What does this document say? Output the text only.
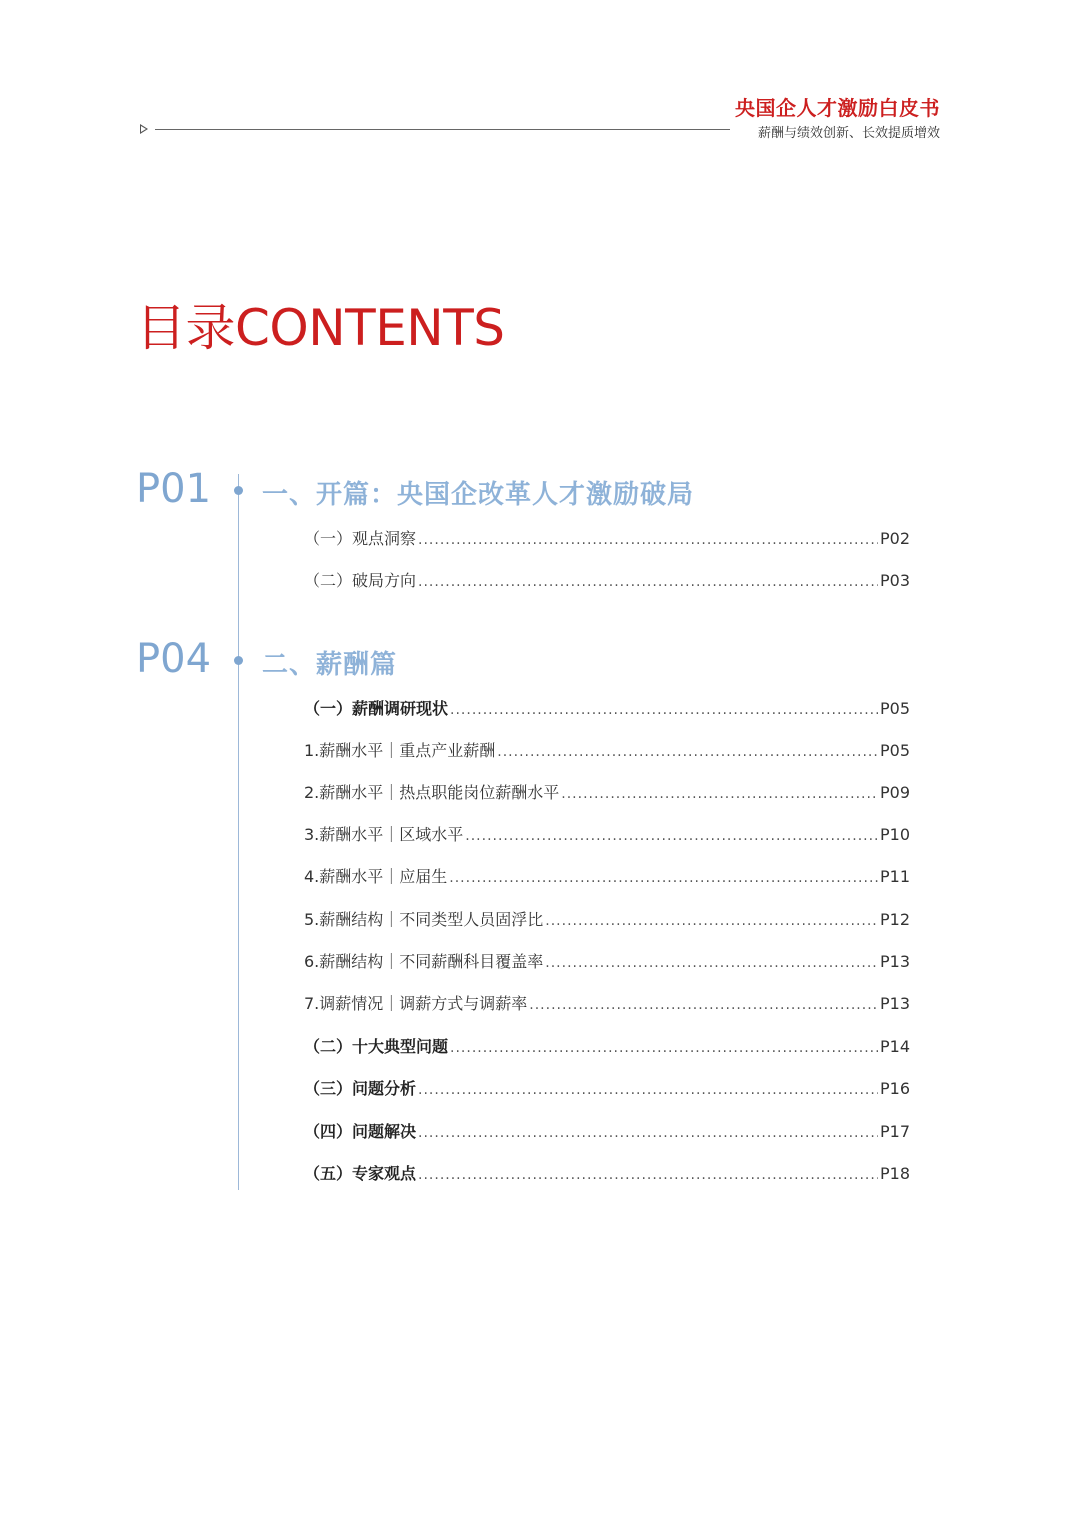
央国企人才激励白皮书
薪酬与绩效创新、长效提质增效
目录CONTENTS
P01 一、开篇：央国企改革人才激励破局
（一）观点洞察 .....	P02
（二）破局方向 .....	P03
P04 二、薪酬篇
（一）薪酬调研现状 .....	P05
1.薪酬水平｜重点产业薪酬 .....	P05
2.薪酬水平｜热点职能岗位薪酬水平 .....	P09
3.薪酬水平｜区域水平 .....	P10
4.薪酬水平｜应届生 .....	P11
5.薪酬结构｜不同类型人员固浮比 .....	P12
6.薪酬结构｜不同薪酬科目覆盖率 .....	P13
7.调薪情况｜调薪方式与调薪率 .....	P13
（二）十大典型问题 .....	P14
（三）问题分析 .....	P16
（四）问题解决 .....	P17
（五）专家观点 .....	P18
